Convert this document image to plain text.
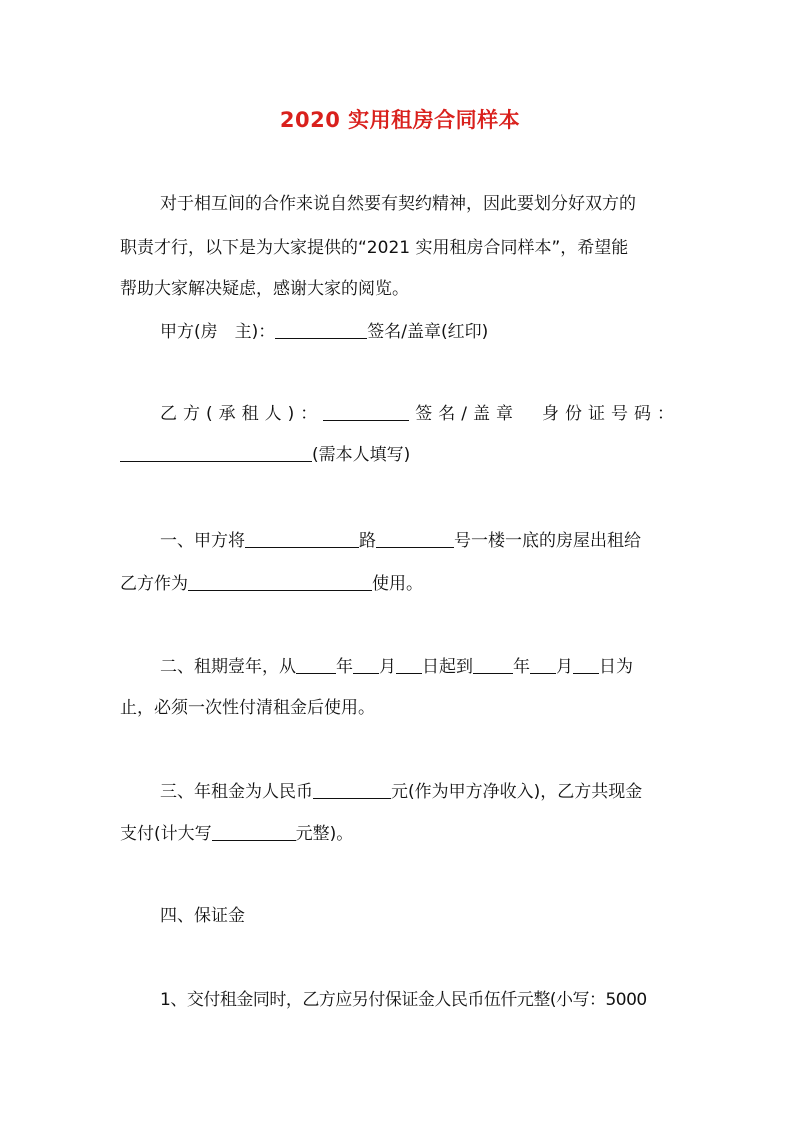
2020 实用租房合同样本
对于相互间的合作来说自然要有契约精神，因此要划分好双方的
职责才行，以下是为大家提供的“2021 实用租房合同样本”，希望能
帮助大家解决疑虑，感谢大家的阅览。
甲方(房　主)：	签名/盖章(红印)
乙方(承租人)：	签名/盖章　身份证号码：
(需本人填写)
一、甲方将	路	号一楼一底的房屋出租给
乙方作为	使用。
二、租期壹年，从 年 月 日起到 年 月 日为
止，必须一次性付清租金后使用。
三、年租金为人民币	元(作为甲方净收入)，乙方共现金
支付(计大写	元整)。
四、保证金
1、交付租金同时，乙方应另付保证金人民币伍仟元整(小写：5000
